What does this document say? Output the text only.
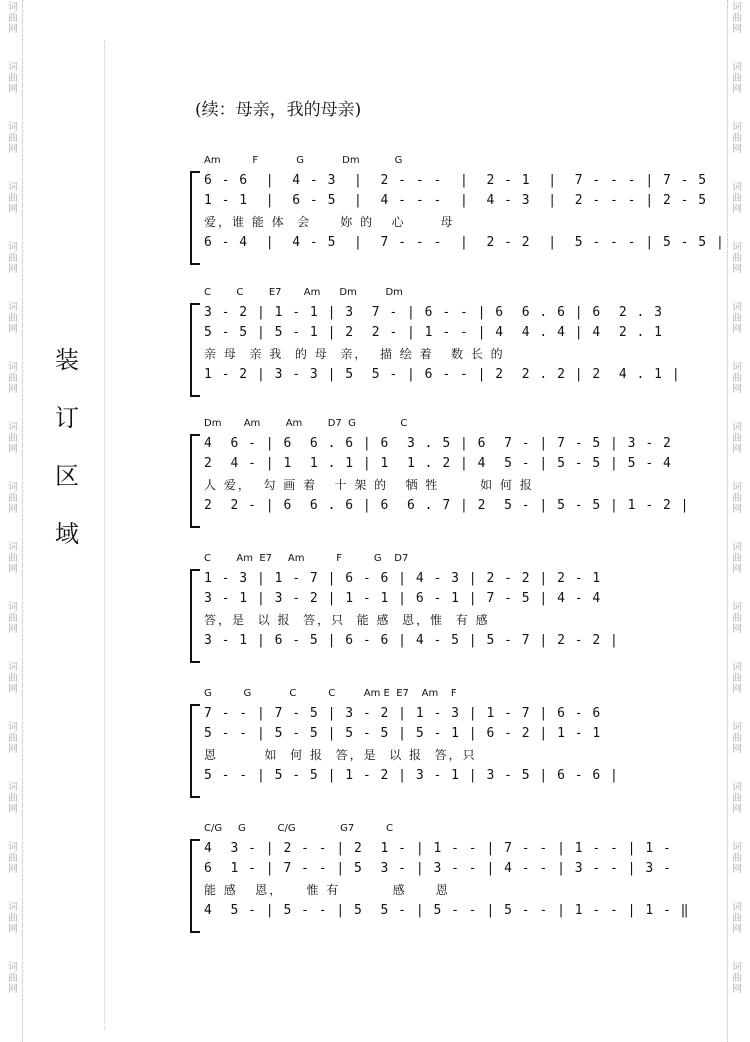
词曲网
词曲网
词曲网
词曲网
词曲网
词曲网
词曲网
词曲网
词曲网
词曲网
词曲网
词曲网
词曲网
词曲网
词曲网
词曲网
词曲网
词曲网
词曲网
词曲网
词曲网
词曲网
词曲网
词曲网
词曲网
词曲网
词曲网
词曲网
词曲网
词曲网
词曲网
词曲网
词曲网
词曲网
(续：母亲，我的母亲)
装
订
区
域
Am          F            G            Dm           G
6 - 6  |  4 - 3  |  2 - - -  |  2 - 1  |  7 - - - | 7 - 5
1 - 1  |  6 - 5  |  4 - - -  |  4 - 3  |  2 - - - | 2 - 5
爱，谁 能 体  会     妳 的   心      母
6 - 4  |  4 - 5  |  7 - - -  |  2 - 2  |  5 - - - | 5 - 5 |
C        C        E7       Am      Dm         Dm
3 - 2 | 1 - 1 | 3  7 - | 6 - - | 6  6 . 6 | 6  2 . 3
5 - 5 | 5 - 1 | 2  2 - | 1 - - | 4  4 . 4 | 4  2 . 1
亲 母  亲 我  的 母  亲，  描 绘 着   数 长 的
1 - 2 | 3 - 3 | 5  5 - | 6 - - | 2  2 . 2 | 2  4 . 1 |
Dm       Am        Am        D7  G              C
4  6 - | 6  6 . 6 | 6  3 . 5 | 6  7 - | 7 - 5 | 3 - 2
2  4 - | 1  1 . 1 | 1  1 . 2 | 4  5 - | 5 - 5 | 5 - 4
人 爱，  勾 画 着   十 架 的   牺 牲       如 何 报
2  2 - | 6  6 . 6 | 6  6 . 7 | 2  5 - | 5 - 5 | 1 - 2 |
C        Am  E7     Am          F          G    D7
1 - 3 | 1 - 7 | 6 - 6 | 4 - 3 | 2 - 2 | 2 - 1
3 - 1 | 3 - 2 | 1 - 1 | 6 - 1 | 7 - 5 | 4 - 4
答，是  以 报  答，只  能 感  恩，惟  有 感
3 - 1 | 6 - 5 | 6 - 6 | 4 - 5 | 5 - 7 | 2 - 2 |
G          G            C          C         Am E  E7    Am    F
7 - - | 7 - 5 | 3 - 2 | 1 - 3 | 1 - 7 | 6 - 6
5 - - | 5 - 5 | 5 - 5 | 5 - 1 | 6 - 2 | 1 - 1
恩        如  何 报  答，是  以 报  答，只
5 - - | 5 - 5 | 1 - 2 | 3 - 1 | 3 - 5 | 6 - 6 |
C/G     G          C/G              G7          C
4  3 - | 2 - - | 2  1 - | 1 - - | 7 - - | 1 - - | 1 -
6  1 - | 7 - - | 5  3 - | 3 - - | 4 - - | 3 - - | 3 -
能 感   恩，    惟 有         感     恩
4  5 - | 5 - - | 5  5 - | 5 - - | 5 - - | 1 - - | 1 - ‖
